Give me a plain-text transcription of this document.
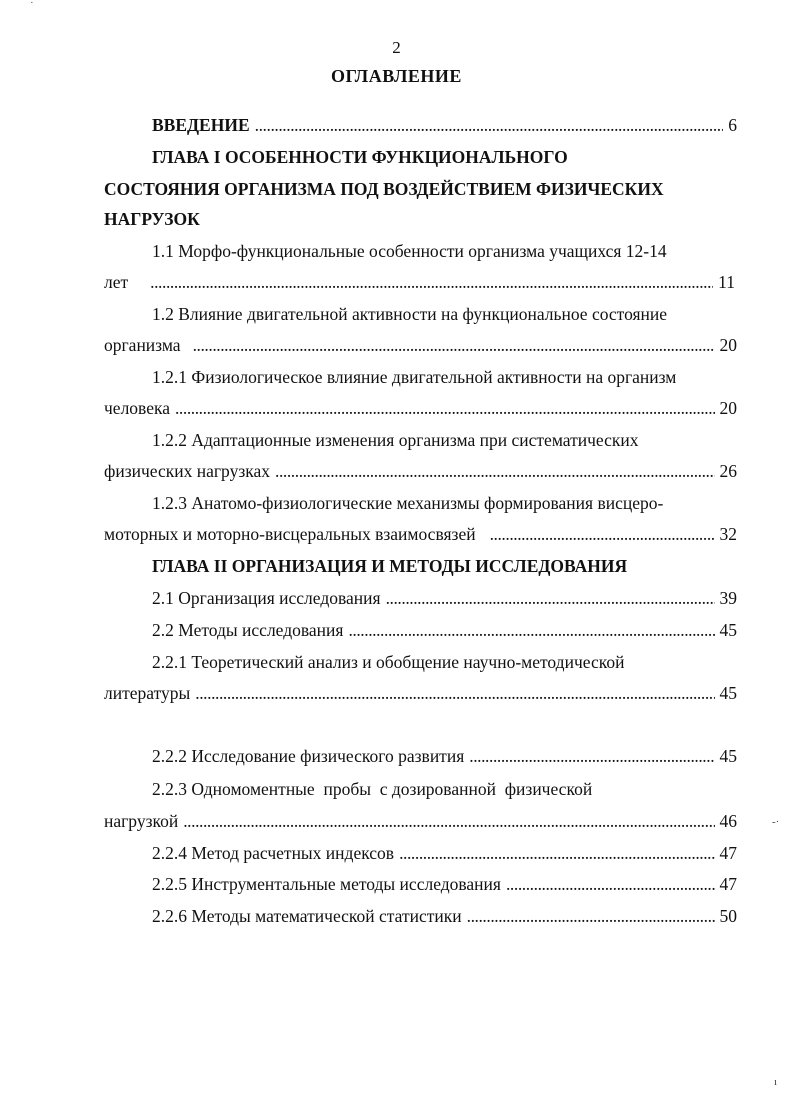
2
ОГЛАВЛЕНИЕ
ВВЕДЕНИЕ . . .	6
ГЛАВА I ОСОБЕННОСТИ ФУНКЦИОНАЛЬНОГО
СОСТОЯНИЯ ОРГАНИЗМА ПОД ВОЗДЕЙСТВИЕМ ФИЗИЧЕСКИХ
НАГРУЗОК
1.1 Морфо-функциональные особенности организма учащихся 12-14
лет . . .	11
1.2 Влияние двигательной активности на функциональное состояние
организма . . .	20
1.2.1 Физиологическое влияние двигательной активности на организм
человека . . .	20
1.2.2 Адаптационные изменения организма при систематических
физических нагрузках . . .	26
1.2.3 Анатомо-физиологические механизмы формирования висцеро-
моторных и моторно-висцеральных взаимосвязей . . .	32
ГЛАВА II ОРГАНИЗАЦИЯ И МЕТОДЫ ИССЛЕДОВАНИЯ
2.1 Организация исследования . . .	39
2.2 Методы исследования . . .	45
2.2.1 Теоретический анализ и обобщение научно-методической
литературы . . .	45
2.2.2 Исследование физического развития . . .	45
2.2.3 Одномоментные  пробы  с дозированной  физической
нагрузкой . . .	46
2.2.4 Метод расчетных индексов . . .	47
2.2.5 Инструментальные методы исследования . . .	47
2.2.6 Методы математической статистики . . .	50
˙
-·
ı
